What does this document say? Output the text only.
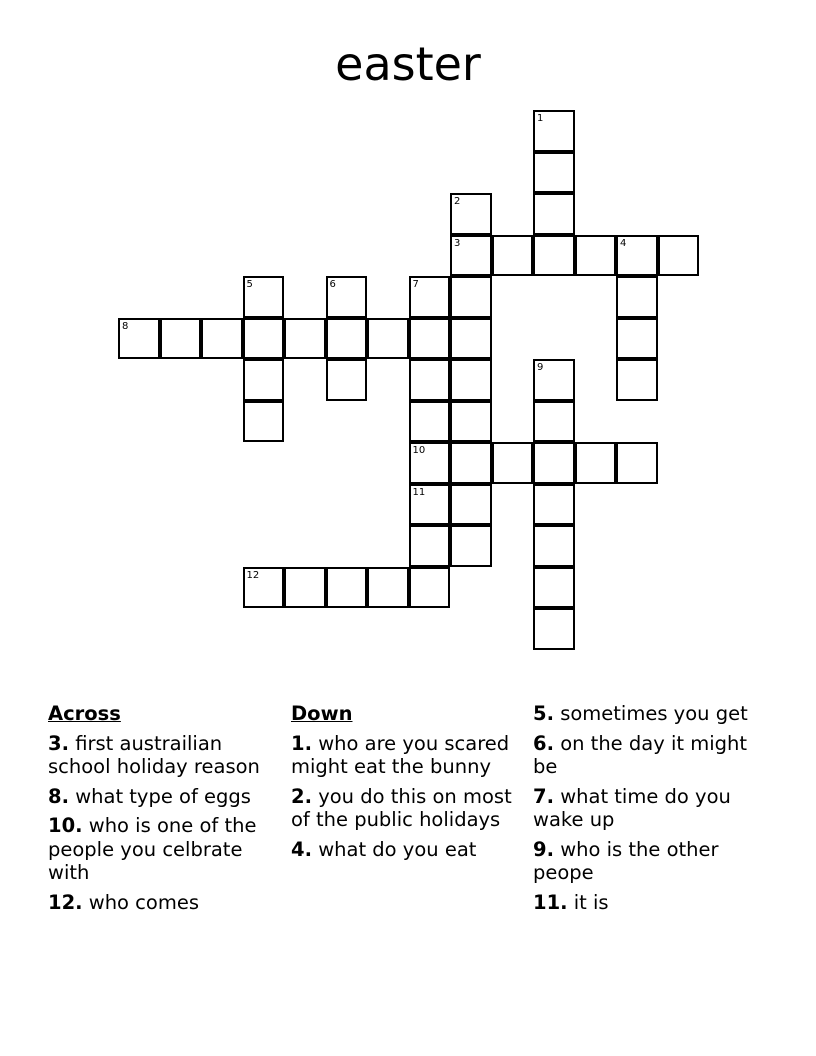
easter
1
2
3	4
5	6	7
8
9
10
11
12
Across
3. first austrailian school holiday reason
8. what type of eggs
10. who is one of the people you celbrate with
12. who comes
Down
1. who are you scared might eat the bunny
2. you do this on most of the public holidays
4. what do you eat
5. sometimes you get
6. on the day it might be
7. what time do you wake up
9. who is the other peope
11. it is
